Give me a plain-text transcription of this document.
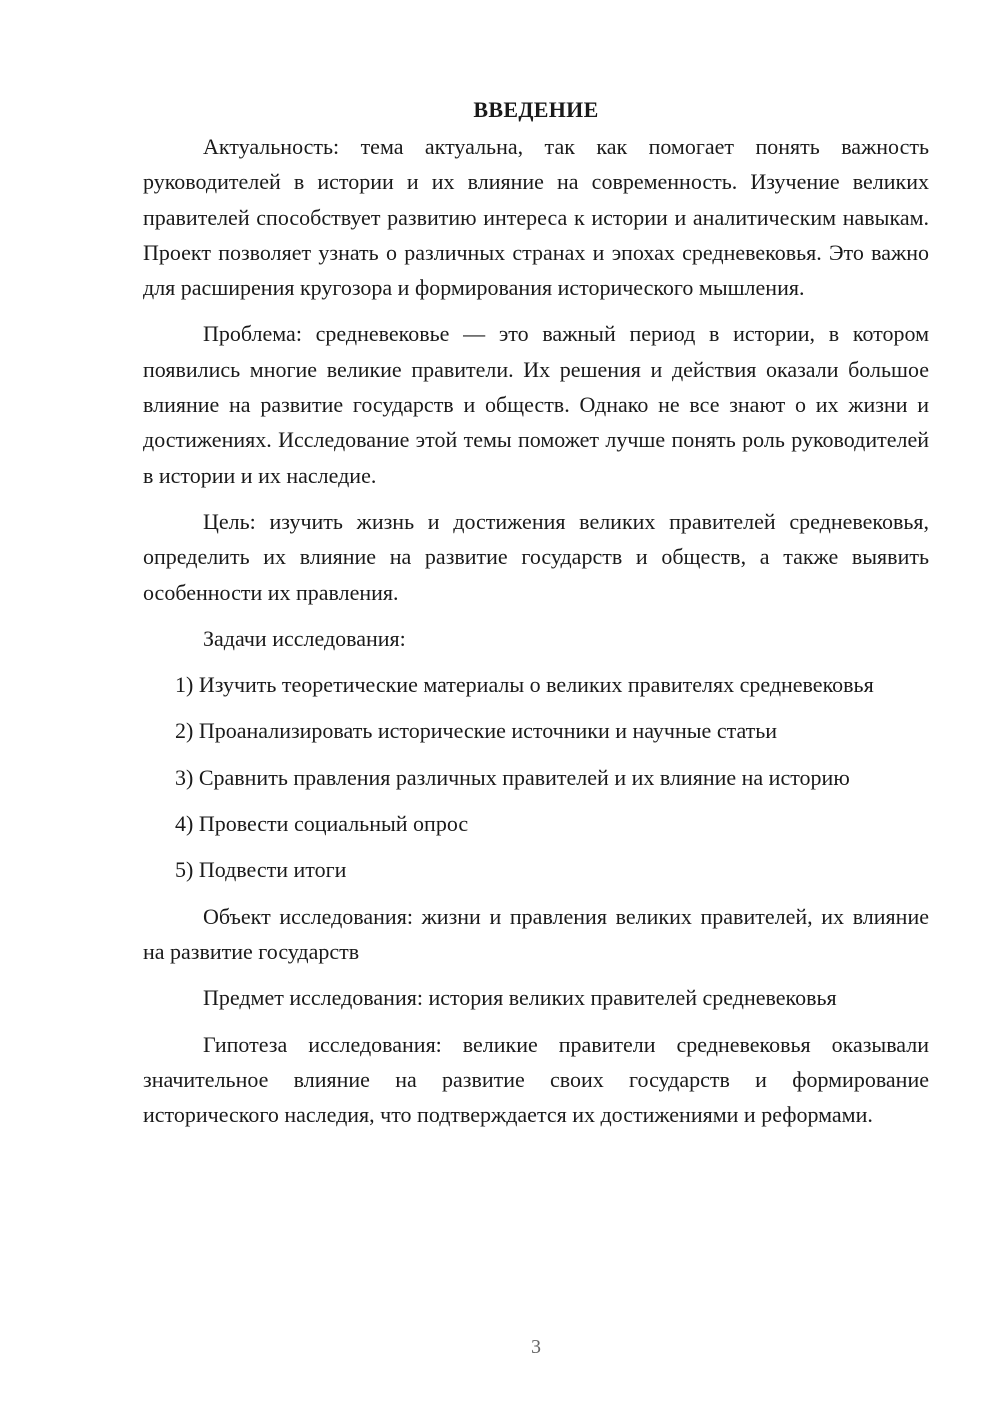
ВВЕДЕНИЕ

Актуальность: тема актуальна, так как помогает понять важность руководителей в истории и их влияние на современность. Изучение великих правителей способствует развитию интереса к истории и аналитическим навыкам. Проект позволяет узнать о различных странах и эпохах средневековья. Это важно для расширения кругозора и формирования исторического мышления.

Проблема: средневековье — это важный период в истории, в котором появились многие великие правители. Их решения и действия оказали большое влияние на развитие государств и обществ. Однако не все знают о их жизни и достижениях. Исследование этой темы поможет лучше понять роль руководителей в истории и их наследие.

Цель: изучить жизнь и достижения великих правителей средневековья, определить их влияние на развитие государств и обществ, а также выявить особенности их правления.

Задачи исследования:

1) Изучить теоретические материалы о великих правителях средневековья

2) Проанализировать исторические источники и научные статьи

3) Сравнить правления различных правителей и их влияние на историю

4) Провести социальный опрос

5) Подвести итоги

Объект исследования: жизни и правления великих правителей, их влияние на развитие государств

Предмет исследования: история великих правителей средневековья

Гипотеза исследования: великие правители средневековья оказывали значительное влияние на развитие своих государств и формирование исторического наследия, что подтверждается их достижениями и реформами.

3
